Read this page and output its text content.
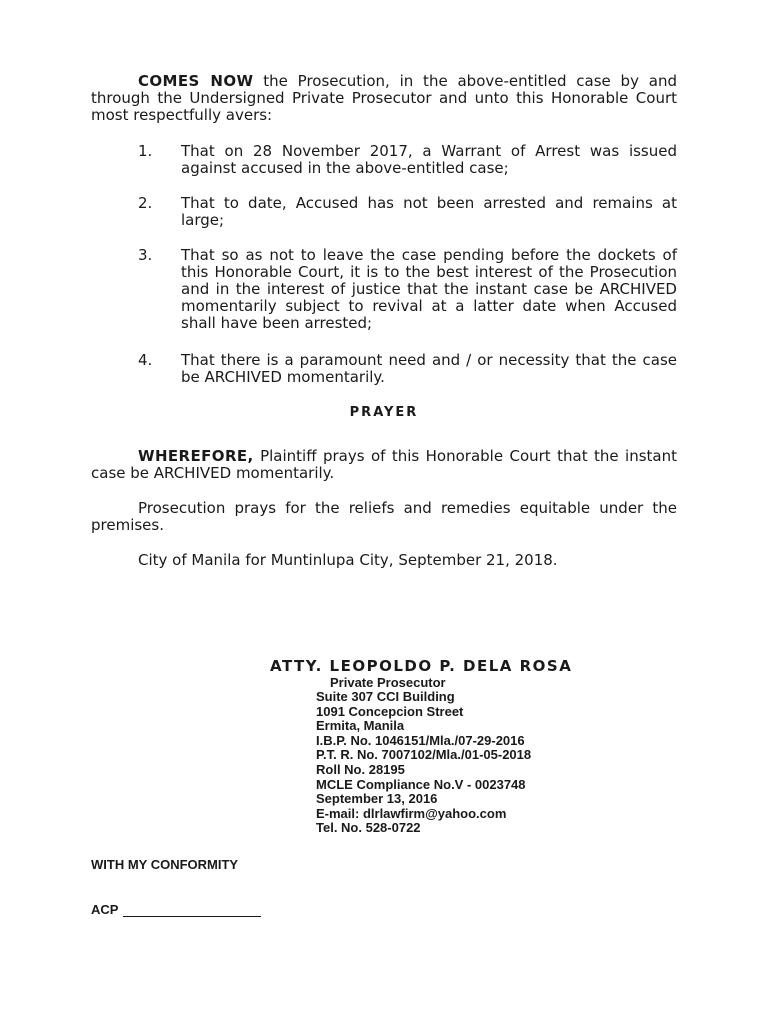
COMES NOW the Prosecution, in the above-entitled case by and through the Undersigned Private Prosecutor and unto this Honorable Court most respectfully avers:
1. That on 28 November 2017, a Warrant of Arrest was issued against accused in the above-entitled case;
2. That to date, Accused has not been arrested and remains at large;
3. That so as not to leave the case pending before the dockets of this Honorable Court, it is to the best interest of the Prosecution and in the interest of justice that the instant case be ARCHIVED momentarily subject to revival at a latter date when Accused shall have been arrested;
4. That there is a paramount need and / or necessity that the case be ARCHIVED momentarily.
PRAYER
WHEREFORE, Plaintiff prays of this Honorable Court that the instant case be ARCHIVED momentarily.
Prosecution prays for the reliefs and remedies equitable under the premises.
City of Manila for Muntinlupa City, September 21, 2018.
ATTY. LEOPOLDO P. DELA ROSA
Private Prosecutor
Suite 307 CCI Building
1091 Concepcion Street
Ermita, Manila
I.B.P. No. 1046151/Mla./07-29-2016
P.T. R. No. 7007102/Mla./01-05-2018
Roll No. 28195
MCLE Compliance No.V - 0023748
September 13, 2016
E-mail: dlrlawfirm@yahoo.com
Tel. No. 528-0722
WITH MY CONFORMITY
ACP
